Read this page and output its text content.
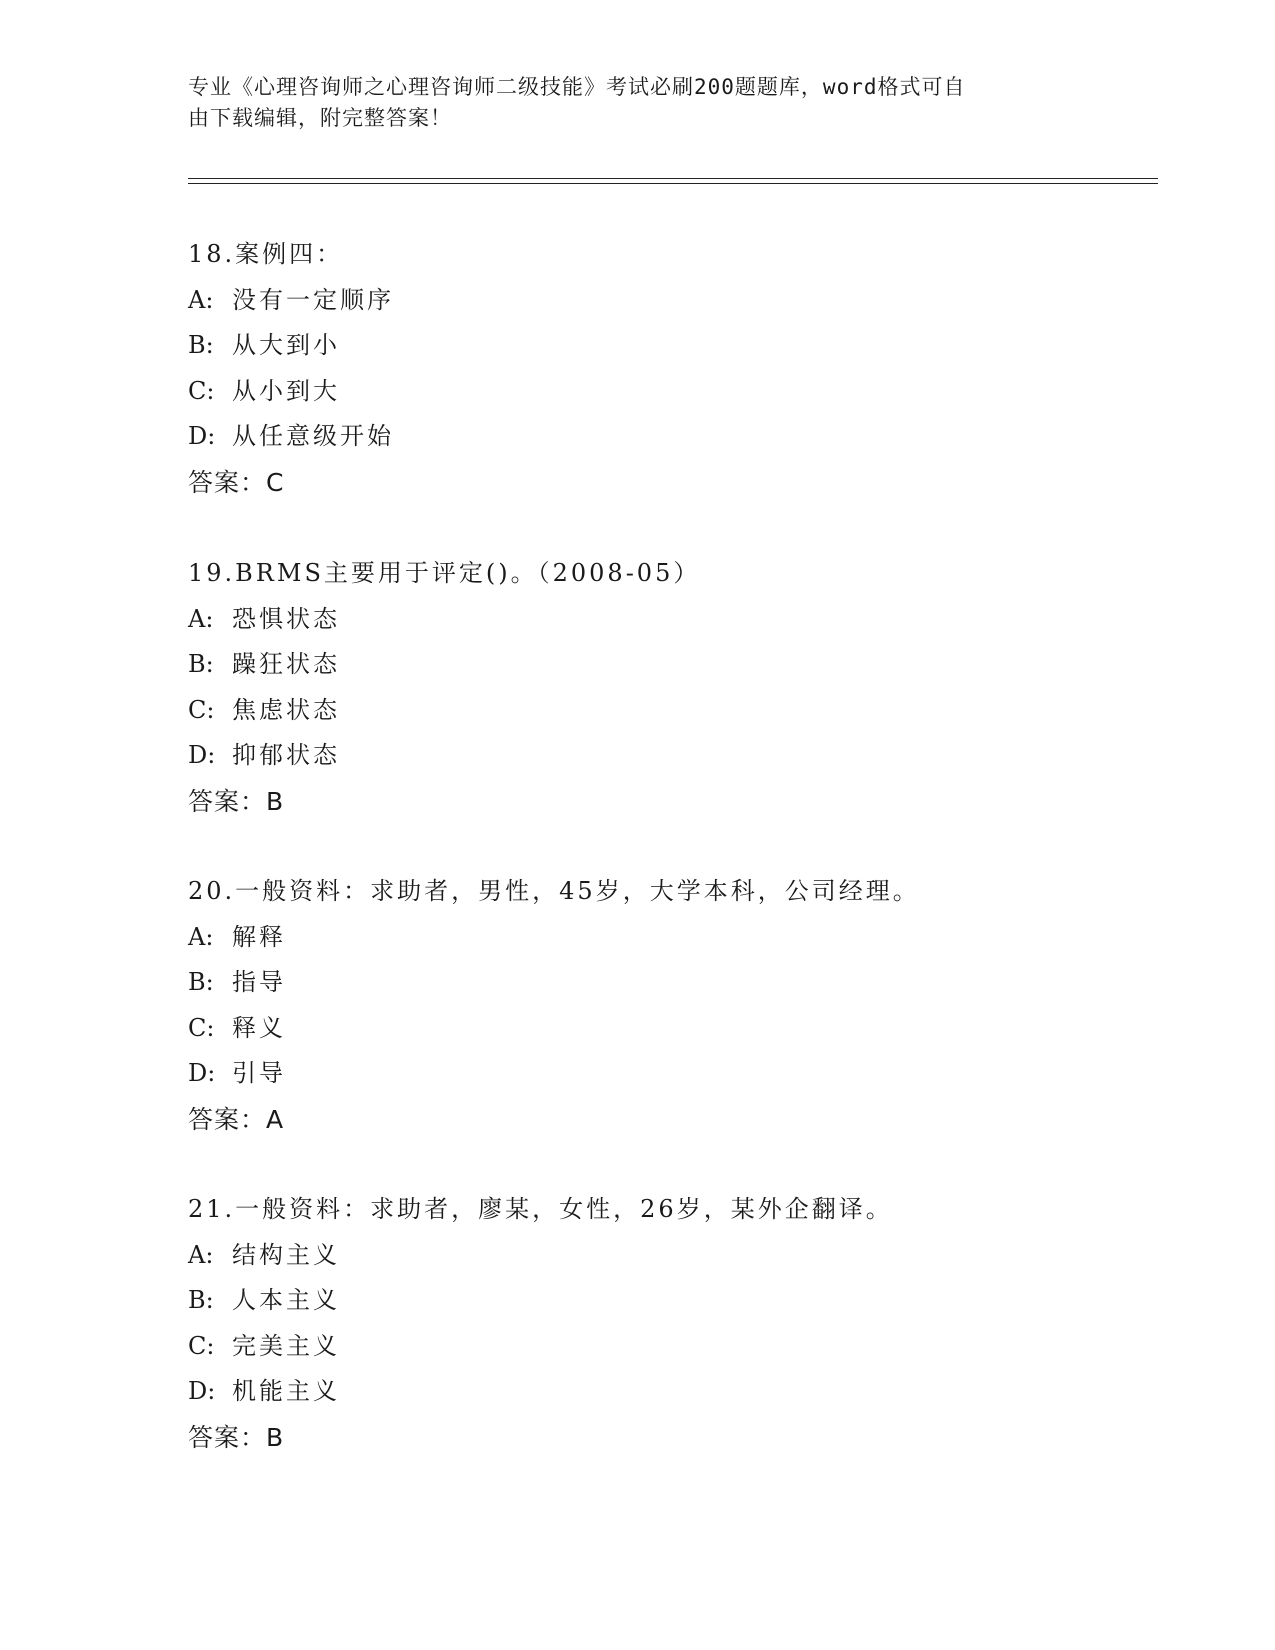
专业《心理咨询师之心理咨询师二级技能》考试必刷200题题库，word格式可自
由下载编辑，附完整答案！
18.案例四：
A: 没有一定顺序
B: 从大到小
C: 从小到大
D: 从任意级开始
答案：C
19.BRMS主要用于评定()。（2008-05）
A: 恐惧状态
B: 躁狂状态
C: 焦虑状态
D: 抑郁状态
答案：B
20.一般资料：求助者，男性，45岁，大学本科，公司经理。
A: 解释
B: 指导
C: 释义
D: 引导
答案：A
21.一般资料：求助者，廖某，女性，26岁，某外企翻译。
A: 结构主义
B: 人本主义
C: 完美主义
D: 机能主义
答案：B
